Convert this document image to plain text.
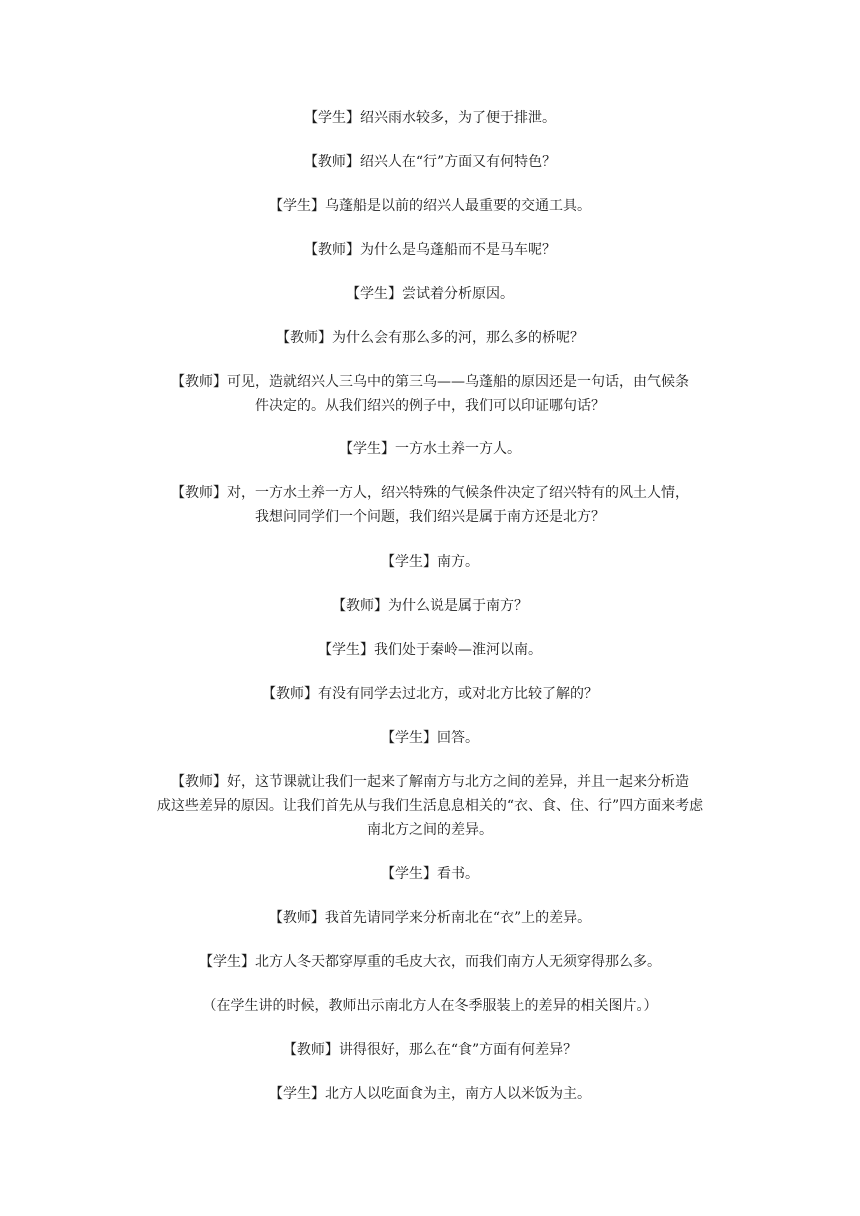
【学生】绍兴雨水较多，为了便于排泄。
【教师】绍兴人在“行”方面又有何特色？
【学生】乌蓬船是以前的绍兴人最重要的交通工具。
【教师】为什么是乌蓬船而不是马车呢？
【学生】尝试着分析原因。
【教师】为什么会有那么多的河，那么多的桥呢？
【教师】可见，造就绍兴人三乌中的第三乌——乌蓬船的原因还是一句话，由气候条
件决定的。从我们绍兴的例子中，我们可以印证哪句话？
【学生】一方水土养一方人。
【教师】对，一方水土养一方人，绍兴特殊的气候条件决定了绍兴特有的风土人情，
我想问同学们一个问题，我们绍兴是属于南方还是北方？
【学生】南方。
【教师】为什么说是属于南方？
【学生】我们处于秦岭—淮河以南。
【教师】有没有同学去过北方，或对北方比较了解的？
【学生】回答。
【教师】好，这节课就让我们一起来了解南方与北方之间的差异，并且一起来分析造
成这些差异的原因。让我们首先从与我们生活息息相关的“衣、食、住、行”四方面来考虑
南北方之间的差异。
【学生】看书。
【教师】我首先请同学来分析南北在“衣”上的差异。
【学生】北方人冬天都穿厚重的毛皮大衣，而我们南方人无须穿得那么多。
（在学生讲的时候，教师出示南北方人在冬季服装上的差异的相关图片。）
【教师】讲得很好，那么在“食”方面有何差异？
【学生】北方人以吃面食为主，南方人以米饭为主。
